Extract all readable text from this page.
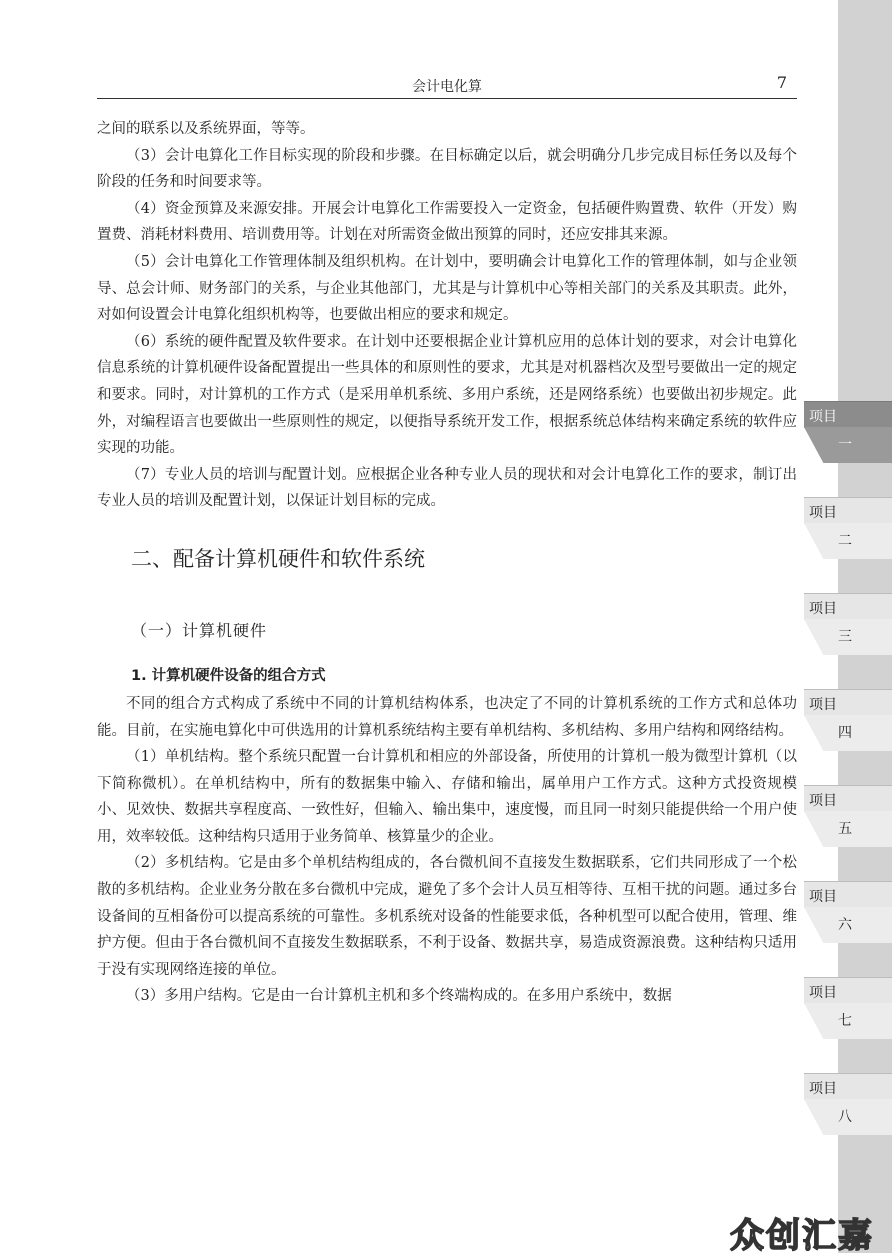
会计电化算	7

之间的联系以及系统界面，等等。

（3）会计电算化工作目标实现的阶段和步骤。在目标确定以后，就会明确分几步完成目标任务以及每个阶段的任务和时间要求等。

（4）资金预算及来源安排。开展会计电算化工作需要投入一定资金，包括硬件购置费、软件（开发）购置费、消耗材料费用、培训费用等。计划在对所需资金做出预算的同时，还应安排其来源。

（5）会计电算化工作管理体制及组织机构。在计划中，要明确会计电算化工作的管理体制，如与企业领导、总会计师、财务部门的关系，与企业其他部门，尤其是与计算机中心等相关部门的关系及其职责。此外，对如何设置会计电算化组织机构等，也要做出相应的要求和规定。

（6）系统的硬件配置及软件要求。在计划中还要根据企业计算机应用的总体计划的要求，对会计电算化信息系统的计算机硬件设备配置提出一些具体的和原则性的要求，尤其是对机器档次及型号要做出一定的规定和要求。同时，对计算机的工作方式（是采用单机系统、多用户系统，还是网络系统）也要做出初步规定。此外，对编程语言也要做出一些原则性的规定，以便指导系统开发工作，根据系统总体结构来确定系统的软件应实现的功能。

（7）专业人员的培训与配置计划。应根据企业各种专业人员的现状和对会计电算化工作的要求，制订出专业人员的培训及配置计划，以保证计划目标的完成。

二、配备计算机硬件和软件系统
（一）计算机硬件
1. 计算机硬件设备的组合方式

不同的组合方式构成了系统中不同的计算机结构体系，也决定了不同的计算机系统的工作方式和总体功能。目前，在实施电算化中可供选用的计算机系统结构主要有单机结构、多机结构、多用户结构和网络结构。

（1）单机结构。整个系统只配置一台计算机和相应的外部设备，所使用的计算机一般为微型计算机（以下简称微机）。在单机结构中，所有的数据集中输入、存储和输出，属单用户工作方式。这种方式投资规模小、见效快、数据共享程度高、一致性好，但输入、输出集中，速度慢，而且同一时刻只能提供给一个用户使用，效率较低。这种结构只适用于业务简单、核算量少的企业。

（2）多机结构。它是由多个单机结构组成的，各台微机间不直接发生数据联系，它们共同形成了一个松散的多机结构。企业业务分散在多台微机中完成，避免了多个会计人员互相等待、互相干扰的问题。通过多台设备间的互相备份可以提高系统的可靠性。多机系统对设备的性能要求低，各种机型可以配合使用，管理、维护方便。但由于各台微机间不直接发生数据联系，不利于设备、数据共享，易造成资源浪费。这种结构只适用于没有实现网络连接的单位。

（3）多用户结构。它是由一台计算机主机和多个终端构成的。在多用户系统中，数据

项目
一
项目
二
项目
三
项目
四
项目
五
项目
六
项目
七
项目
八
众创汇嘉
